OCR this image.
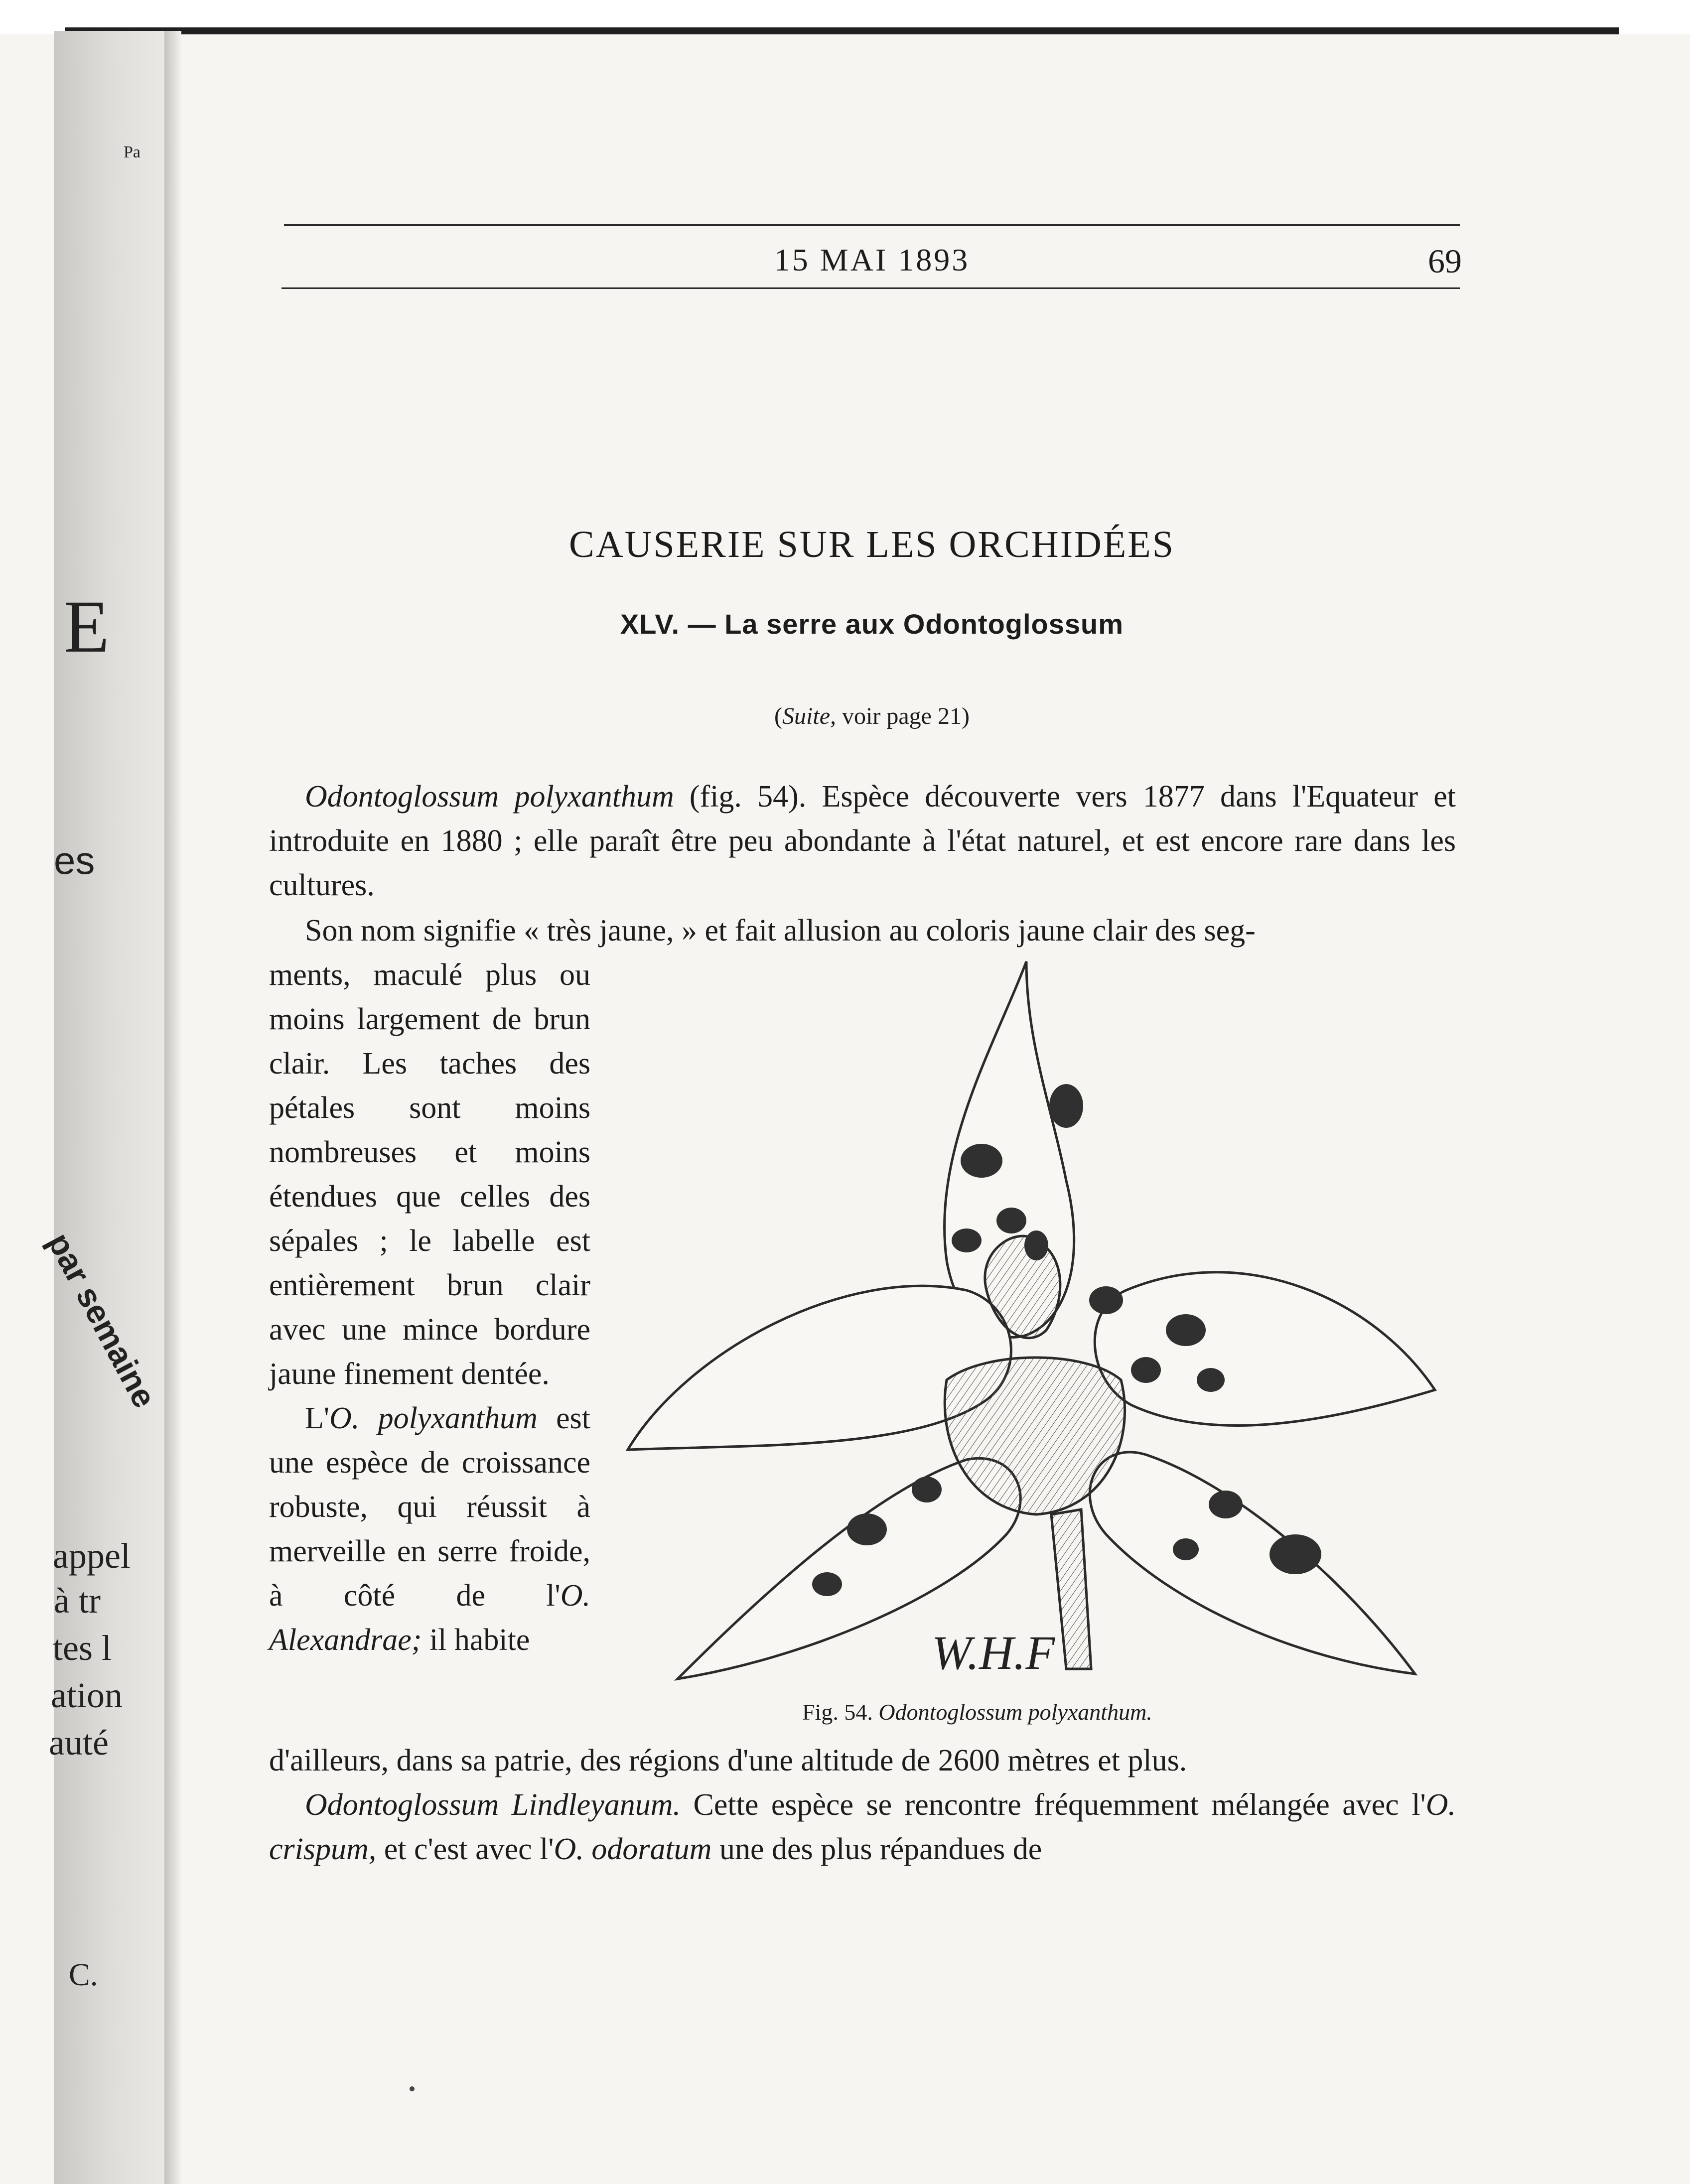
Pa
E
es
par semaine
appel
à tr
tes l
ation
auté
C.
15 MAI 1893	69
CAUSERIE SUR LES ORCHIDÉES
XLV. — La serre aux Odontoglossum
(Suite, voir page 21)

Odontoglossum polyxanthum (fig. 54). Espèce découverte vers 1877 dans l'Equateur et introduite en 1880 ; elle paraît être peu abondante à l'état naturel, et est encore rare dans les cultures.

Son nom signifie « très jaune, » et fait allusion au coloris jaune clair des seg-

ments, maculé plus ou moins largement de brun clair. Les taches des pétales sont moins nombreuses et moins étendues que celles des sépales ; le labelle est entièrement brun clair avec une mince bordure jaune finement dentée.

L'O. polyxanthum est une espèce de croissance robuste, qui réussit à merveille en serre froide, à côté de l'O. Alexandrae; il habite

d'ailleurs, dans sa patrie, des régions d'une altitude de 2600 mètres et plus.

Odontoglossum Lindleyanum. Cette espèce se rencontre fréquemment mélangée avec l'O. crispum, et c'est avec l'O. odoratum une des plus répandues de

W.H.F
Fig. 54. Odontoglossum polyxanthum.
